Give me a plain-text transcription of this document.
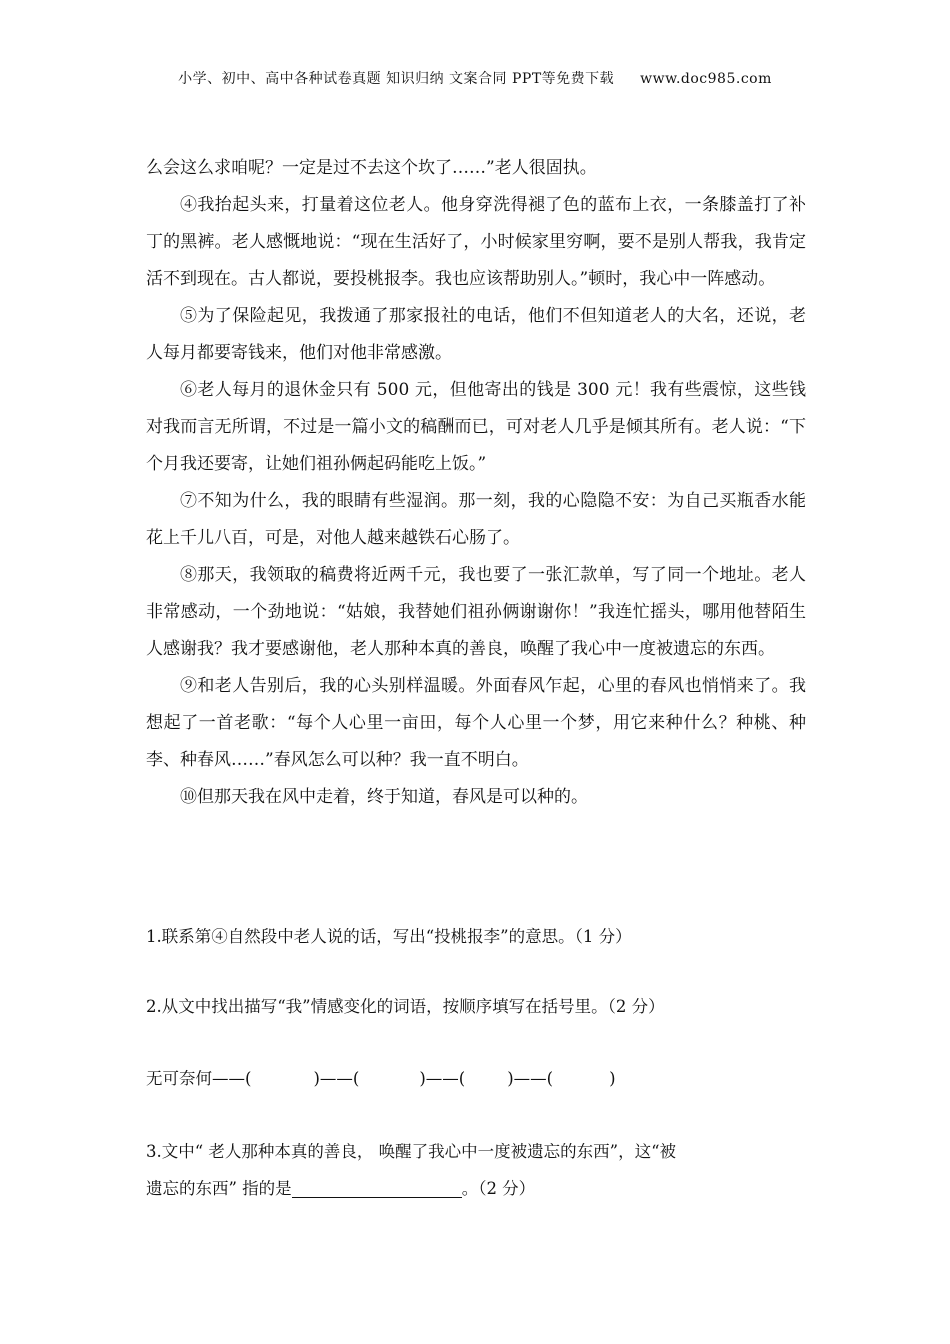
小学、初中、高中各种试卷真题 知识归纳 文案合同 PPT等免费下载 www.doc985.com

么会这么求咱呢？一定是过不去这个坎了……”老人很固执。

④我抬起头来，打量着这位老人。他身穿洗得褪了色的蓝布上衣，一条膝盖打了补丁的黑裤。老人感慨地说：“现在生活好了，小时候家里穷啊，要不是别人帮我，我肯定活不到现在。古人都说，要投桃报李。我也应该帮助别人。”顿时，我心中一阵感动。

⑤为了保险起见，我拨通了那家报社的电话，他们不但知道老人的大名，还说，老人每月都要寄钱来，他们对他非常感激。

⑥老人每月的退休金只有 500 元，但他寄出的钱是 300 元！我有些震惊，这些钱对我而言无所谓，不过是一篇小文的稿酬而已，可对老人几乎是倾其所有。老人说：“下个月我还要寄，让她们祖孙俩起码能吃上饭。”

⑦不知为什么，我的眼睛有些湿润。那一刻，我的心隐隐不安：为自己买瓶香水能花上千儿八百，可是，对他人越来越铁石心肠了。

⑧那天，我领取的稿费将近两千元，我也要了一张汇款单，写了同一个地址。老人非常感动，一个劲地说：“姑娘，我替她们祖孙俩谢谢你！”我连忙摇头，哪用他替陌生人感谢我？我才要感谢他，老人那种本真的善良，唤醒了我心中一度被遗忘的东西。

⑨和老人告别后，我的心头别样温暖。外面春风乍起，心里的春风也悄悄来了。我想起了一首老歌：“每个人心里一亩田，每个人心里一个梦，用它来种什么？种桃、种李、种春风……”春风怎么可以种？我一直不明白。

⑩但那天我在风中走着，终于知道，春风是可以种的。

1.联系第④自然段中老人说的话，写出“投桃报李”的意思。（1 分）

2.从文中找出描写“我”情感变化的词语，按顺序填写在括号里。（2 分）

无可奈何——(	)——(	)——(	)——(	)

3.文中“ 老人那种本真的善良， 唤醒了我心中一度被遗忘的东西”，这“被
遗忘的东西” 指的是	。（2 分）
